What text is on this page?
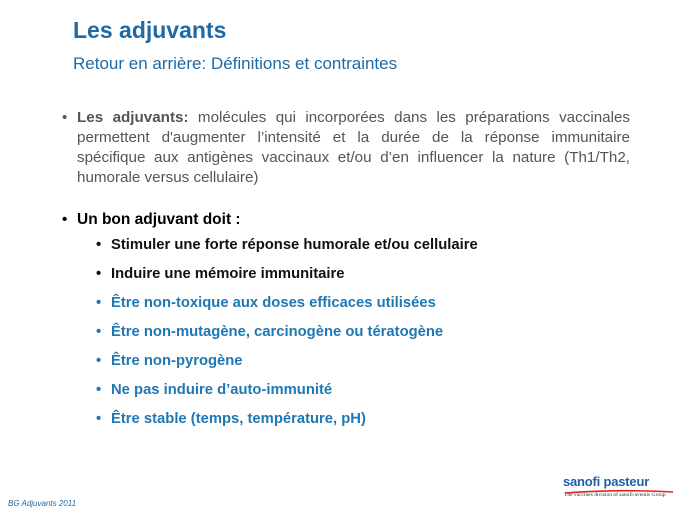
Les adjuvants
Retour en arrière: Définitions et contraintes
• Les adjuvants: molécules qui incorporées dans les préparations vaccinales permettent d'augmenter l’intensité et la durée de la réponse immunitaire spécifique aux antigènes vaccinaux et/ou d’en influencer la nature (Th1/Th2, humorale versus cellulaire)
• Un bon adjuvant doit :
• Stimuler une forte réponse humorale et/ou cellulaire
• Induire une mémoire immunitaire
• Être non-toxique aux doses efficaces utilisées
• Être non-mutagène, carcinogène ou tératogène
• Être non-pyrogène
• Ne pas induire d’auto-immunité
• Être stable (temps, température, pH)
BG Adjuvants 2011
sanofi pasteur
The vaccines division of sanofi-aventis Group
